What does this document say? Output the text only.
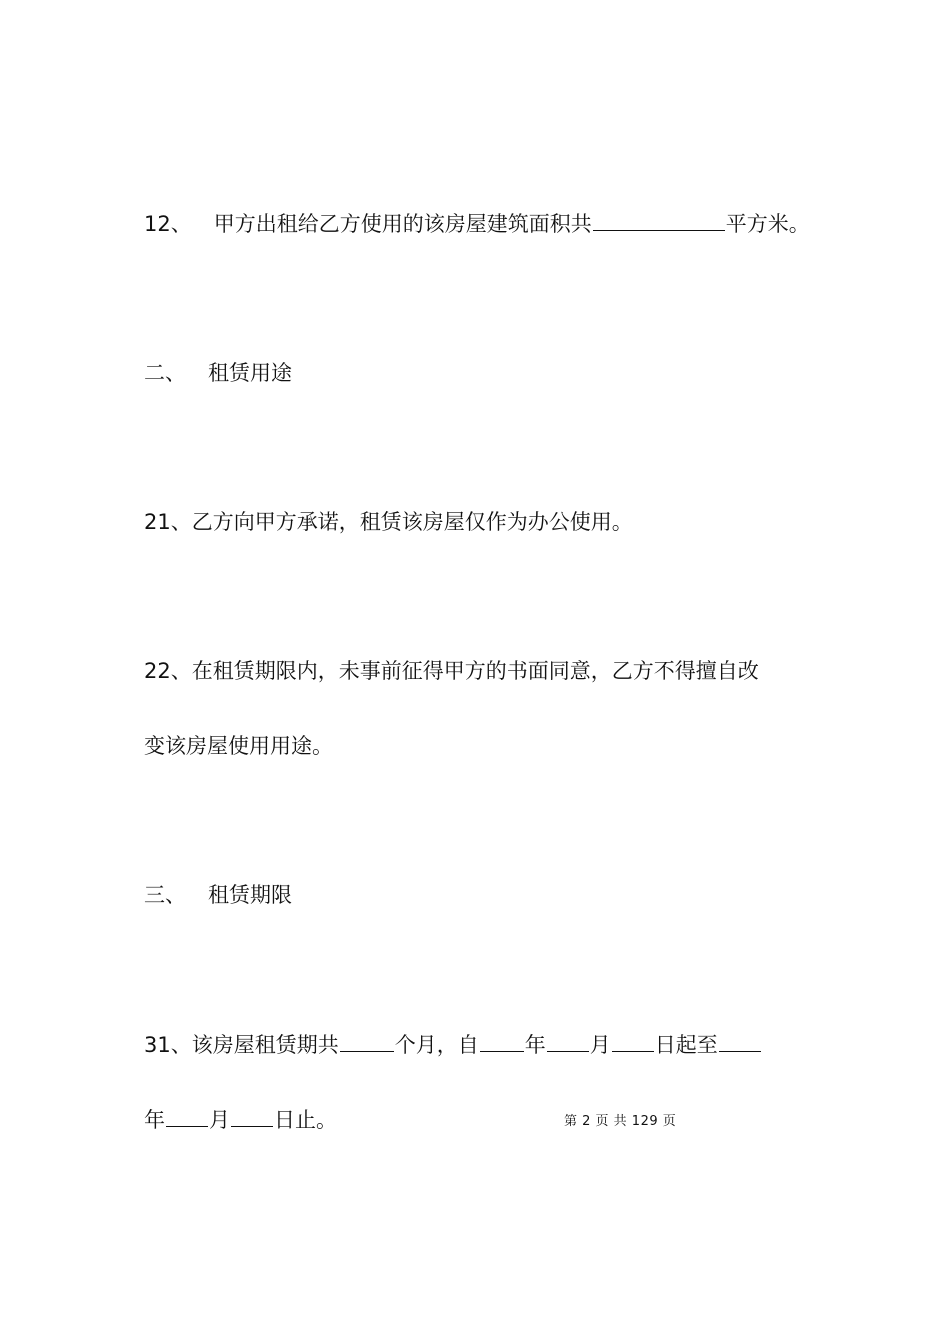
12、 甲方出租给乙方使用的该房屋建筑面积共	平方米。
二、 租赁用途
21、乙方向甲方承诺，租赁该房屋仅作为办公使用。
22、在租赁期限内，未事前征得甲方的书面同意，乙方不得擅自改
变该房屋使用用途。
三、 租赁期限
31、该房屋租赁期共	个月，自 年 月 日起至
年 月 日止。	第 2 页 共 129 页
